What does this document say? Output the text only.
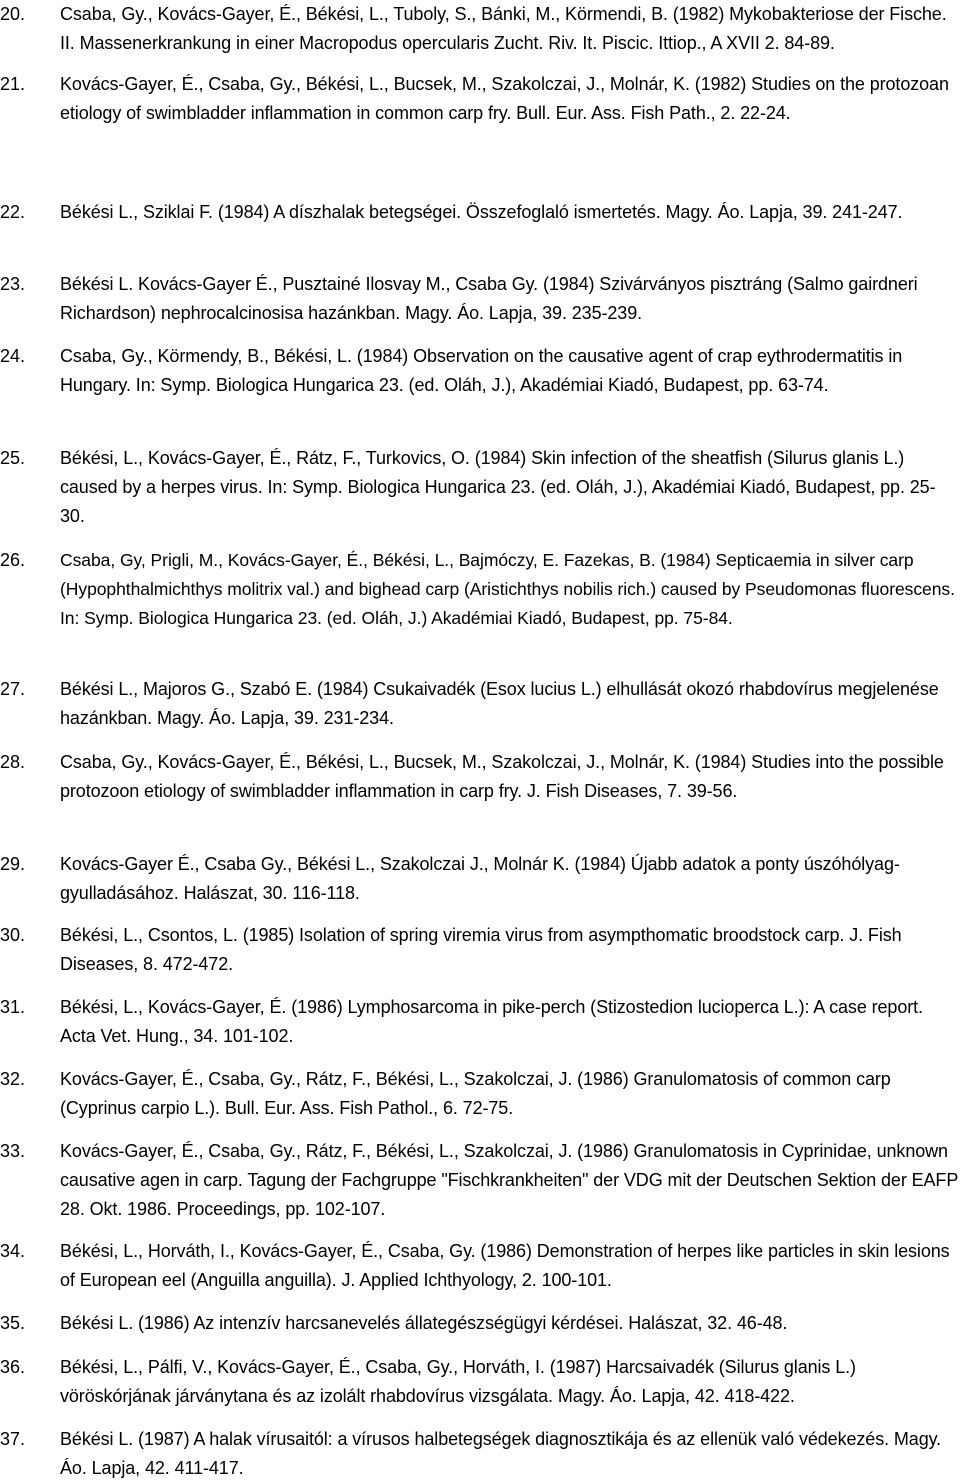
20.	Csaba, Gy., Kovács-Gayer, É., Békési, L., Tuboly, S., Bánki, M., Körmendi, B. (1982) Mykobakteriose der Fische. II. Massenerkrankung in einer Macropodus opercularis Zucht. Riv. It. Piscic. Ittiop., A XVII 2. 84-89.
21.	Kovács-Gayer, É., Csaba, Gy., Békési, L., Bucsek, M., Szakolczai, J., Molnár, K. (1982) Studies on the protozoan etiology of swimbladder inflammation in common carp fry. Bull. Eur. Ass. Fish Path., 2. 22-24.
22.	Békési L., Sziklai F. (1984) A díszhalak betegségei. Összefoglaló ismertetés. Magy. Áo. Lapja, 39. 241-247.
23.	Békési L. Kovács-Gayer É., Pusztainé Ilosvay M., Csaba Gy. (1984) Szivárványos pisztráng (Salmo gairdneri Richardson) nephrocalcinosisa hazánkban. Magy. Áo. Lapja, 39. 235-239.
24.	Csaba, Gy., Körmendy, B., Békési, L. (1984) Observation on the causative agent of crap eythrodermatitis in Hungary. In: Symp. Biologica Hungarica 23. (ed. Oláh, J.), Akadémiai Kiadó, Budapest, pp. 63-74.
25.	Békési, L., Kovács-Gayer, É., Rátz, F., Turkovics, O. (1984) Skin infection of the sheatfish (Silurus glanis L.) caused by a herpes virus. In: Symp. Biologica Hungarica 23. (ed. Oláh, J.), Akadémiai Kiadó, Budapest, pp. 25-30.
26.	Csaba, Gy, Prigli, M., Kovács-Gayer, É., Békési, L., Bajmóczy, E. Fazekas, B. (1984) Septicaemia in silver carp (Hypophthalmichthys molitrix val.) and bighead carp (Aristichthys nobilis rich.) caused by Pseudomonas fluorescens. In: Symp. Biologica Hungarica 23. (ed. Oláh, J.) Akadémiai Kiadó, Budapest, pp. 75-84.
27.	Békési L., Majoros G., Szabó E. (1984) Csukaivadék (Esox lucius L.) elhullását okozó rhabdovírus megjelenése hazánkban. Magy. Áo. Lapja, 39. 231-234.
28.	Csaba, Gy., Kovács-Gayer, É., Békési, L., Bucsek, M., Szakolczai, J., Molnár, K. (1984) Studies into the possible protozoon etiology of swimbladder inflammation in carp fry. J. Fish Diseases, 7. 39-56.
29.	Kovács-Gayer É., Csaba Gy., Békési L., Szakolczai J., Molnár K. (1984) Újabb adatok a ponty úszóhólyag-gyulladásához. Halászat, 30. 116-118.
30.	Békési, L., Csontos, L. (1985) Isolation of spring viremia virus from asympthomatic broodstock carp. J. Fish Diseases, 8. 472-472.
31.	Békési, L., Kovács-Gayer, É. (1986) Lymphosarcoma in pike-perch (Stizostedion lucioperca L.): A case report. Acta Vet. Hung., 34. 101-102.
32.	Kovács-Gayer, É., Csaba, Gy., Rátz, F., Békési, L., Szakolczai, J. (1986) Granulomatosis of common carp (Cyprinus carpio L.). Bull. Eur. Ass. Fish Pathol., 6. 72-75.
33.	Kovács-Gayer, É., Csaba, Gy., Rátz, F., Békési, L., Szakolczai, J. (1986) Granulomatosis in Cyprinidae, unknown causative agen in carp. Tagung der Fachgruppe "Fischkrankheiten" der VDG mit der Deutschen Sektion der EAFP 28. Okt. 1986. Proceedings, pp. 102-107.
34.	Békési, L., Horváth, I., Kovács-Gayer, É., Csaba, Gy. (1986) Demonstration of herpes like particles in skin lesions of European eel (Anguilla anguilla). J. Applied Ichthyology, 2. 100-101.
35.	Békési L. (1986) Az intenzív harcsanevelés állategészségügyi kérdései. Halászat, 32. 46-48.
36.	Békési, L., Pálfi, V., Kovács-Gayer, É., Csaba, Gy., Horváth, I. (1987) Harcsaivadék (Silurus glanis L.) vöröskórjának járványtana és az izolált rhabdovírus vizsgálata. Magy. Áo. Lapja, 42. 418-422.
37.	Békési L. (1987) A halak vírusaitól: a vírusos halbetegségek diagnosztikája és az ellenük való védekezés. Magy. Áo. Lapja, 42. 411-417.
